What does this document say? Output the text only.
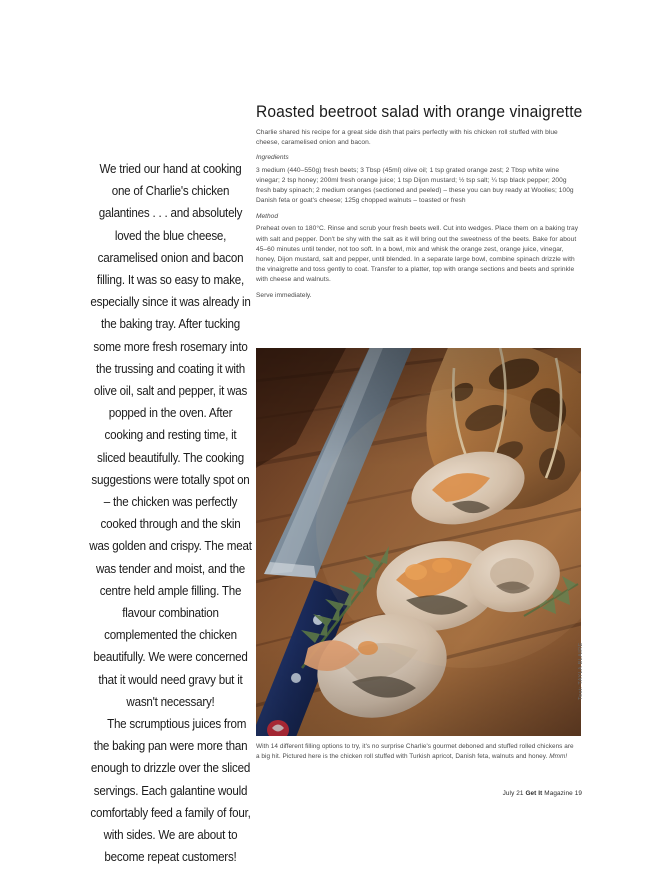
We tried our hand at cooking one of Charlie's chicken galantines . . . and absolutely loved the blue cheese, caramelised onion and bacon filling. It was so easy to make, especially since it was already in the baking tray. After tucking some more fresh rosemary into the trussing and coating it with olive oil, salt and pepper, it was popped in the oven. After cooking and resting time, it sliced beautifully. The cooking suggestions were totally spot on – the chicken was perfectly cooked through and the skin was golden and crispy. The meat was tender and moist, and the centre held ample filling. The flavour combination complemented the chicken beautifully. We were concerned that it would need gravy but it wasn't necessary!

The scrumptious juices from the baking pan were more than enough to drizzle over the sliced servings. Each galantine would comfortably feed a family of four, with sides. We are about to become repeat customers!

Roasted beetroot salad with orange vinaigrette

Charlie shared his recipe for a great side dish that pairs perfectly with his chicken roll stuffed with blue cheese, caramelised onion and bacon.

Ingredients

3 medium (440–550g) fresh beets; 3 Tbsp (45ml) olive oil; 1 tsp grated orange zest; 2 Tbsp white wine vinegar; 2 tsp honey; 200ml fresh orange juice; 1 tsp Dijon mustard; ½ tsp salt; ¼ tsp black pepper; 200g fresh baby spinach; 2 medium oranges (sectioned and peeled) – these you can buy ready at Woolies; 100g Danish feta or goat's cheese; 125g chopped walnuts – toasted or fresh

Method

Preheat oven to 180°C. Rinse and scrub your fresh beets well. Cut into wedges. Place them on a baking tray with salt and pepper. Don't be shy with the salt as it will bring out the sweetness of the beets. Bake for about 45–60 minutes until tender, not too soft. In a bowl, mix and whisk the orange zest, orange juice, vinegar, honey, Dijon mustard, salt and pepper, until blended. In a separate large bowl, combine spinach drizzle with the vinaigrette and toss gently to coat. Transfer to a platter, top with orange sections and beets and sprinkle with cheese and walnuts.

Serve immediately.

With 14 different filling options to try, it's no surprise Charlie's gourmet deboned and stuffed rolled chickens are a big hit. Pictured here is the chicken roll stuffed with Turkish apricot, Danish feta, walnuts and honey. Mmm!

Text: TAYLA BLAIRE
July 21 Get It Magazine 19
